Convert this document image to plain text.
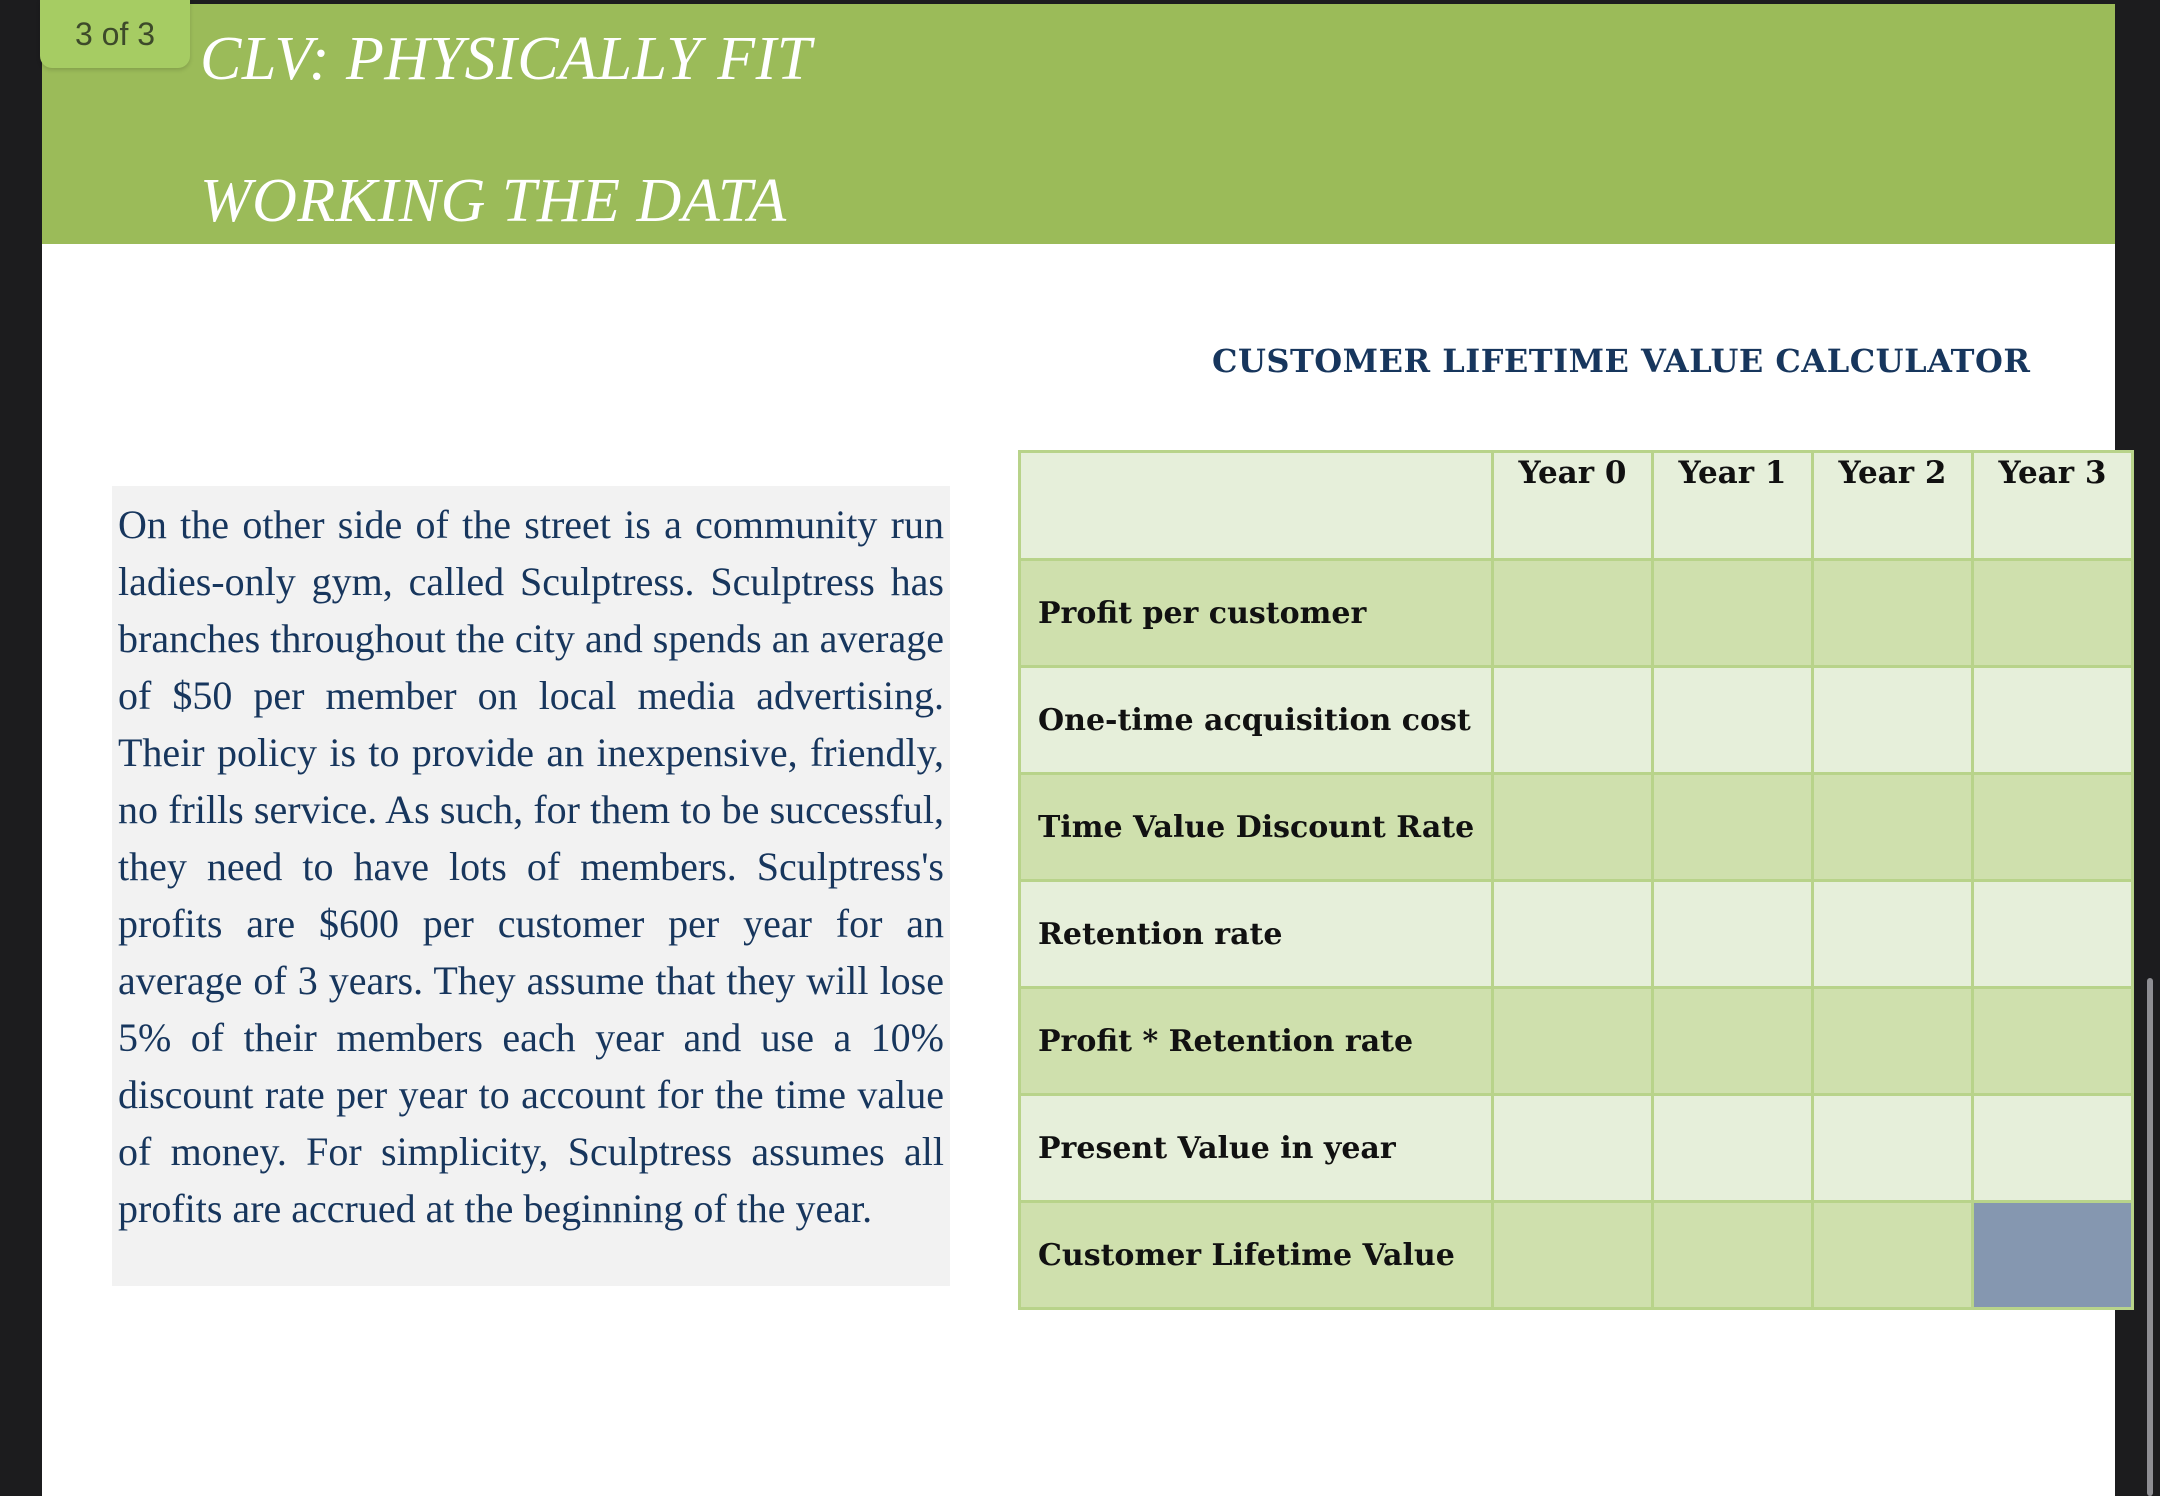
CLV: PHYSICALLY FIT
WORKING THE DATA
On the other side of the street is a community run ladies-only gym, called Sculptress. Sculptress has branches throughout the city and spends an average of $50 per member on local media advertising. Their policy is to provide an inexpensive, friendly, no frills service. As such, for them to be successful, they need to have lots of members. Sculptress's profits are $600 per customer per year for an average of 3 years. They assume that they will lose 5% of their members each year and use a 10% discount rate per year to account for the time value of money. For simplicity, Sculptress assumes all profits are accrued at the beginning of the year.
CUSTOMER LIFETIME VALUE CALCULATOR
	Year 0	Year 1	Year 2	Year 3
Profit per customer				
One-time acquisition cost				
Time Value Discount Rate				
Retention rate				
Profit * Retention rate				
Present Value in year				
Customer Lifetime Value				
3 of 3
